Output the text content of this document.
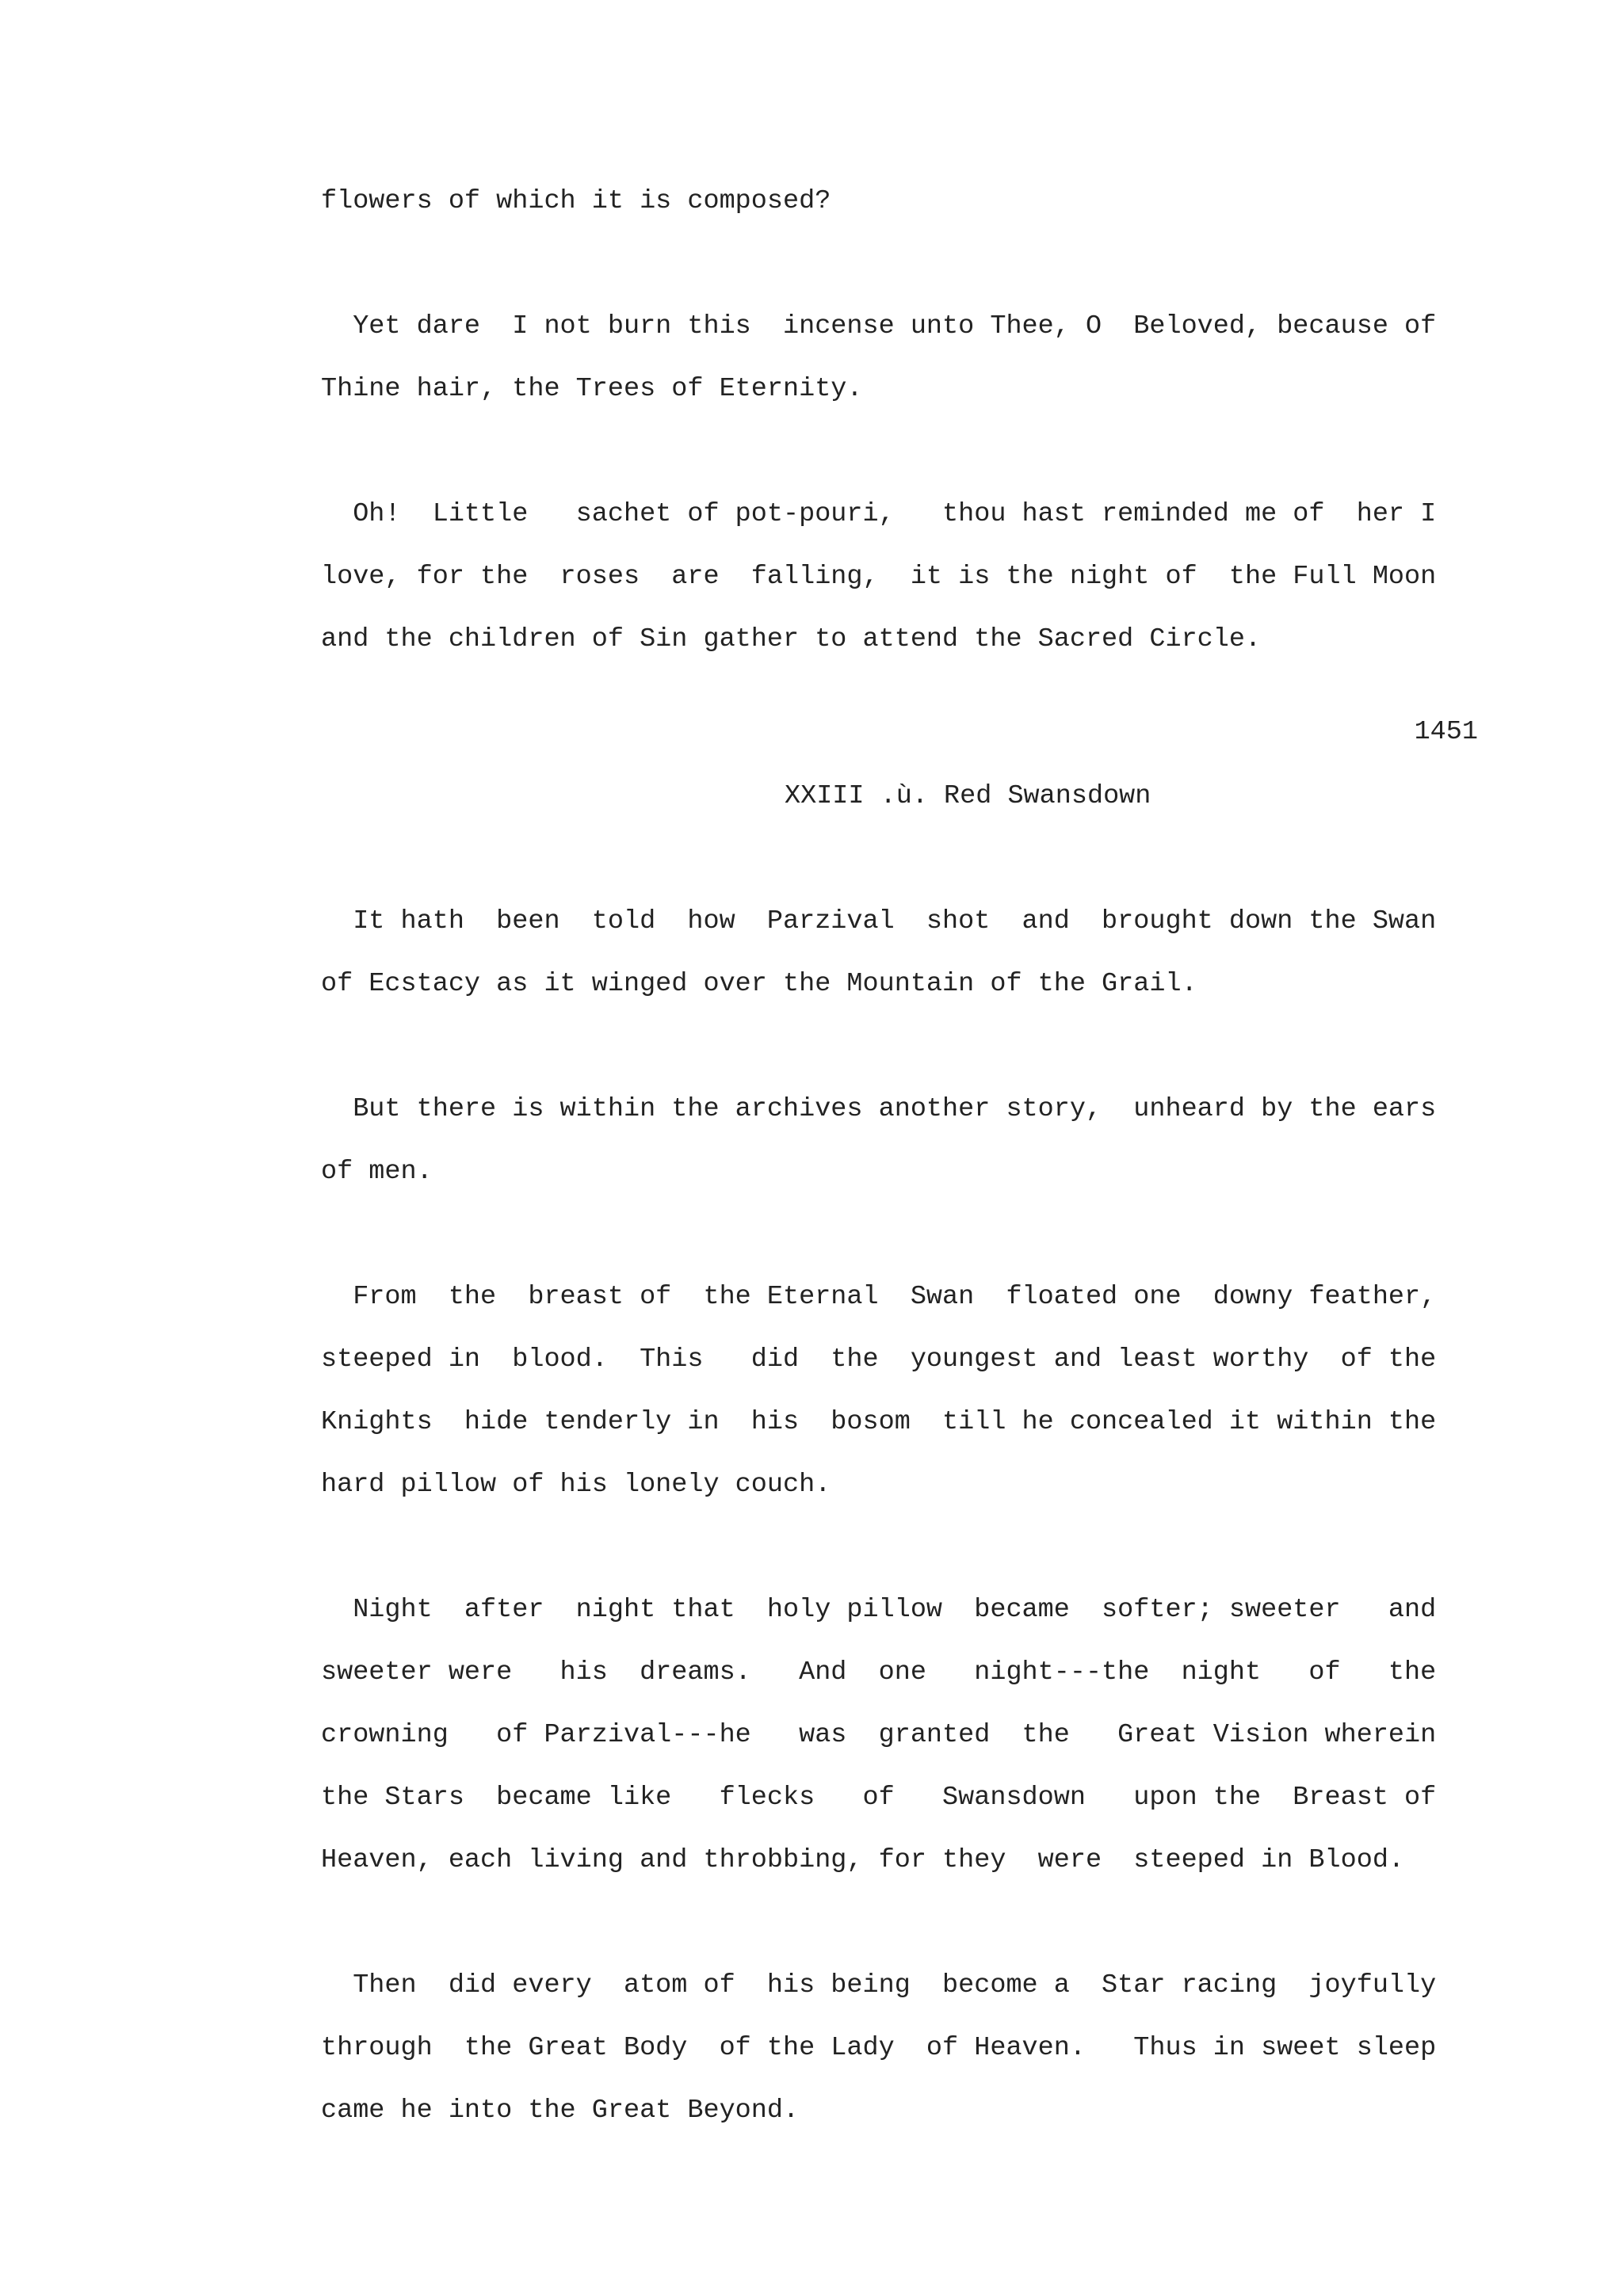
flowers of which it is composed?
Yet dare  I not burn this  incense unto Thee, O  Beloved, because of
Thine hair, the Trees of Eternity.
Oh!  Little   sachet of pot-pouri,   thou hast reminded me of  her I
love, for the  roses  are  falling,  it is the night of  the Full Moon
and the children of Sin gather to attend the Sacred Circle.
1451
XXIII .ù. Red Swansdown
It hath  been  told  how  Parzival  shot  and  brought down the Swan
of Ecstacy as it winged over the Mountain of the Grail.
But there is within the archives another story,  unheard by the ears
of men.
From  the  breast of  the Eternal  Swan  floated one  downy feather,
steeped in  blood.  This   did  the  youngest and least worthy  of the
Knights  hide tenderly in  his  bosom  till he concealed it within the
hard pillow of his lonely couch.
Night  after  night that  holy pillow  became  softer; sweeter   and
sweeter were   his  dreams.   And  one   night---the  night   of   the
crowning   of Parzival---he   was  granted  the   Great Vision wherein
the Stars  became like   flecks   of   Swansdown   upon the  Breast of
Heaven, each living and throbbing, for they  were  steeped in Blood.
Then  did every  atom of  his being  become a  Star racing  joyfully
through  the Great Body  of the Lady  of Heaven.   Thus in sweet sleep
came he into the Great Beyond.
